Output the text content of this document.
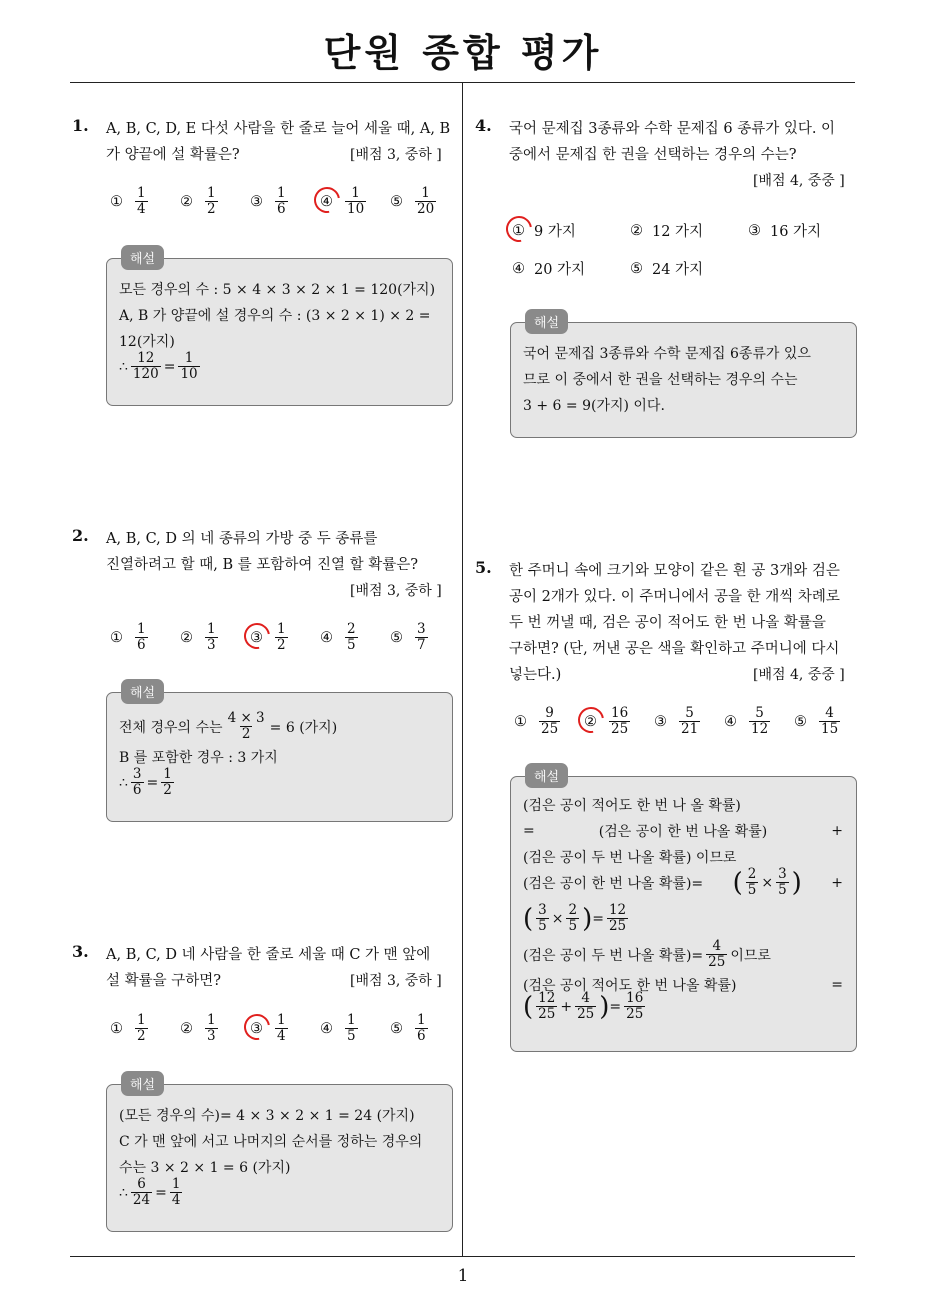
단원 종합 평가
1
1. A, B, C, D, E 다섯 사람을 한 줄로 늘어 세울 때, A, B
가 양끝에 설 확률은?	[배점 3, 중하 ]
① $\frac{1}{4}$ ② $\frac{1}{2}$ ③ $\frac{1}{6}$ ④ $\frac{1}{10}$ ⑤ $\frac{1}{20}$
해설
모든 경우의 수 : 5 × 4 × 3 × 2 × 1 = 120(가지)
A, B 가 양끝에 설 경우의 수 : (3 × 2 × 1) × 2 =
12(가지)
∴ $\frac{12}{120} = \frac{1}{10}$
2. A, B, C, D 의 네 종류의 가방 중 두 종류를
진열하려고 할 때, B 를 포함하여 진열 할 확률은?
[배점 3, 중하 ]
① $\frac{1}{6}$ ② $\frac{1}{3}$ ③ $\frac{1}{2}$ ④ $\frac{2}{5}$ ⑤ $\frac{3}{7}$
해설
전체 경우의 수는 $\frac{4 \times 3}{2} = 6$ (가지)
B 를 포함한 경우 : 3 가지
∴ $\frac{3}{6} = \frac{1}{2}$
3. A, B, C, D 네 사람을 한 줄로 세울 때 C 가 맨 앞에
설 확률을 구하면?	[배점 3, 중하 ]
① $\frac{1}{2}$ ② $\frac{1}{3}$ ③ $\frac{1}{4}$ ④ $\frac{1}{5}$ ⑤ $\frac{1}{6}$
해설
(모든 경우의 수)= 4 × 3 × 2 × 1 = 24 (가지)
C 가 맨 앞에 서고 나머지의 순서를 정하는 경우의
수는 3 × 2 × 1 = 6 (가지)
∴ $\frac{6}{24} = \frac{1}{4}$
4. 국어 문제집 3종류와 수학 문제집 6 종류가 있다. 이
중에서 문제집 한 권을 선택하는 경우의 수는?
[배점 4, 중중 ]
① 9 가지	② 12 가지	③ 16 가지
④ 20 가지	⑤ 24 가지
해설
국어 문제집 3종류와 수학 문제집 6종류가 있으
므로 이 중에서 한 권을 선택하는 경우의 수는
3 + 6 = 9(가지) 이다.
5. 한 주머니 속에 크기와 모양이 같은 흰 공 3개와 검은
공이 2개가 있다. 이 주머니에서 공을 한 개씩 차례로
두 번 꺼낼 때, 검은 공이 적어도 한 번 나올 확률을
구하면? (단, 꺼낸 공은 색을 확인하고 주머니에 다시
넣는다.)	[배점 4, 중중 ]
① $\frac{9}{25}$ ② $\frac{16}{25}$ ③ $\frac{5}{21}$ ④ $\frac{5}{12}$ ⑤ $\frac{4}{15}$
해설
(검은 공이 적어도 한 번 나 올 확률)
=	(검은 공이 한 번 나올 확률)	+
(검은 공이 두 번 나올 확률) 이므로
(검은 공이 한 번 나올 확률)= ( $\frac{2}{5} \times \frac{3}{5}$ ) +
( $\frac{3}{5} \times \frac{2}{5}$ ) = $\frac{12}{25}$
(검은 공이 두 번 나올 확률)= $\frac{4}{25}$ 이므로
(검은 공이 적어도 한 번 나올 확률)	=
( $\frac{12}{25} + \frac{4}{25}$ ) = $\frac{16}{25}$
